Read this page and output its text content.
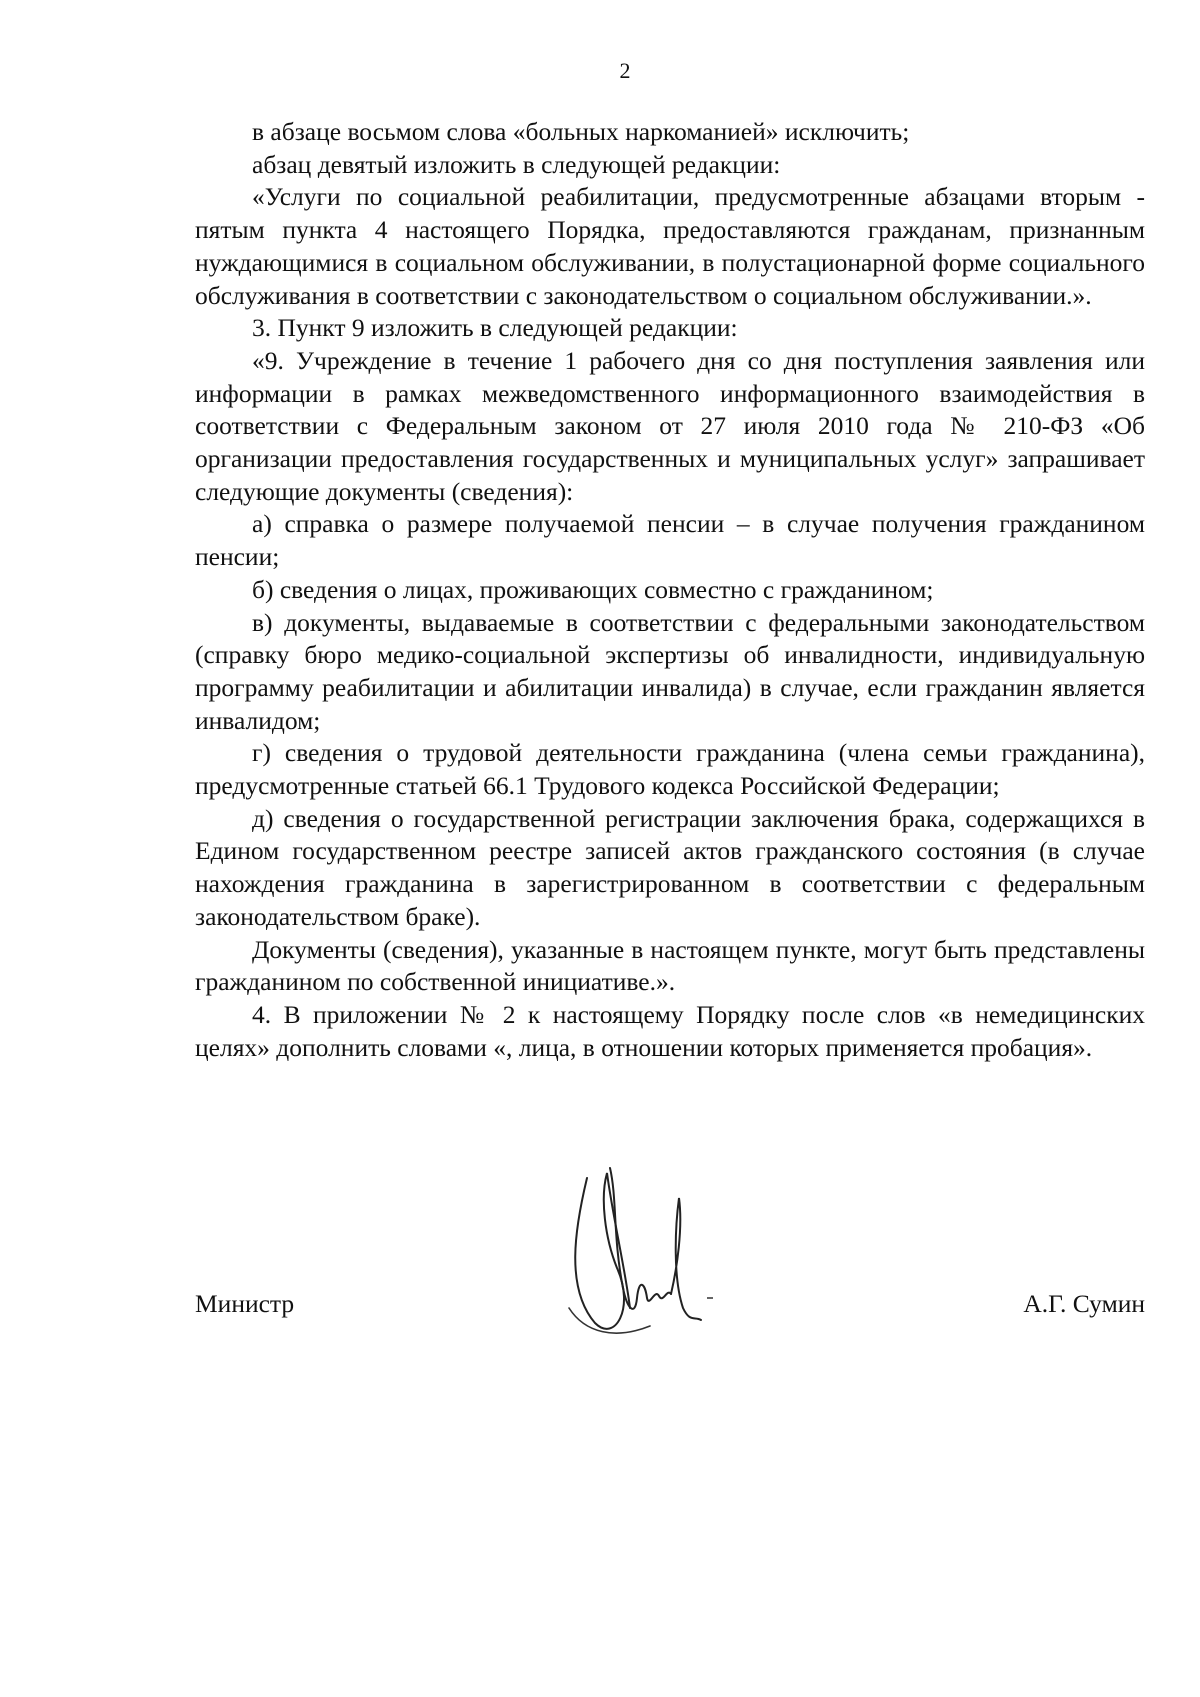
2

в абзаце восьмом слова «больных наркоманией» исключить;

абзац девятый изложить в следующей редакции:

«Услуги по социальной реабилитации, предусмотренные абзацами вторым - пятым пункта 4 настоящего Порядка, предоставляются гражданам, признанным нуждающимися в социальном обслуживании, в полустационарной форме социального обслуживания в соответствии с законодательством о социальном обслуживании.».

3. Пункт 9 изложить в следующей редакции:

«9. Учреждение в течение 1 рабочего дня со дня поступления заявления или информации в рамках межведомственного информационного взаимодействия в соответствии с Федеральным законом от 27 июля 2010 года № 210-ФЗ «Об организации предоставления государственных и муниципальных услуг» запрашивает следующие документы (сведения):

а) справка о размере получаемой пенсии – в случае получения гражданином пенсии;

б) сведения о лицах, проживающих совместно с гражданином;

в) документы, выдаваемые в соответствии с федеральными законодательством (справку бюро медико-социальной экспертизы об инвалидности, индивидуальную программу реабилитации и абилитации инвалида) в случае, если гражданин является инвалидом;

г) сведения о трудовой деятельности гражданина (члена семьи гражданина), предусмотренные статьей 66.1 Трудового кодекса Российской Федерации;

д) сведения о государственной регистрации заключения брака, содержащихся в Едином государственном реестре записей актов гражданского состояния (в случае нахождения гражданина в зарегистрированном в соответствии с федеральным законодательством браке).

Документы (сведения), указанные в настоящем пункте, могут быть представлены гражданином по собственной инициативе.».

4. В приложении № 2 к настоящему Порядку после слов «в немедицинских целях» дополнить словами «, лица, в отношении которых применяется пробация».

Министр	А.Г. Сумин
